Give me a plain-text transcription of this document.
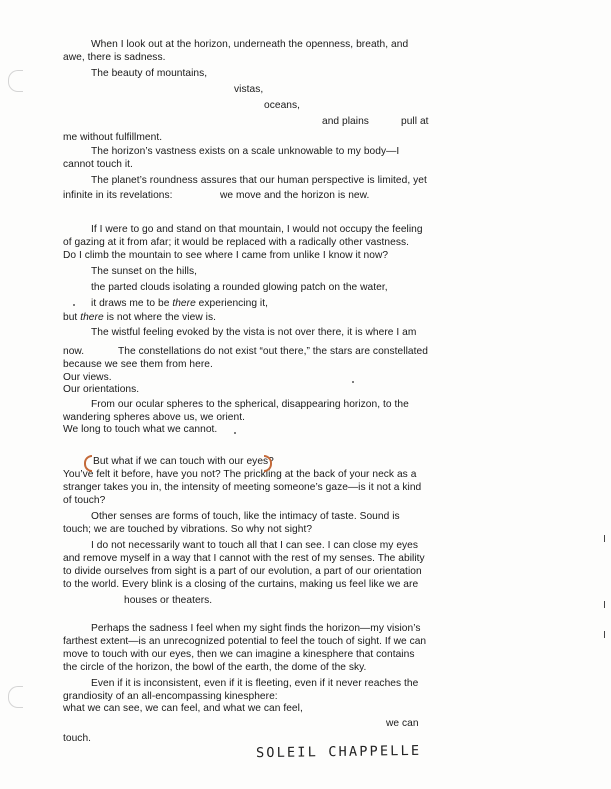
When I look out at the horizon, underneath the openness, breath, and
awe, there is sadness.
The beauty of mountains,
vistas,
oceans,
and plains	pull at
me without fulfillment.
The horizon’s vastness exists on a scale unknowable to my body—I
cannot touch it.
The planet’s roundness assures that our human perspective is limited, yet
infinite in its revelations:	we move and the horizon is new.
If I were to go and stand on that mountain, I would not occupy the feeling
of gazing at it from afar; it would be replaced with a radically other vastness.
Do I climb the mountain to see where I came from unlike I know it now?
The sunset on the hills,
the parted clouds isolating a rounded glowing patch on the water,
it draws me to be there experiencing it,
but there is not where the view is.
The wistful feeling evoked by the vista is not over there, it is where I am
now.	The constellations do not exist “out there,” the stars are constellated
because we see them from here.
Our views.
Our orientations.
From our ocular spheres to the spherical, disappearing horizon, to the
wandering spheres above us, we orient.
We long to touch what we cannot.
But what if we can touch with our eyes?
You’ve felt it before, have you not? The prickling at the back of your neck as a
stranger takes you in, the intensity of meeting someone’s gaze—is it not a kind
of touch?
Other senses are forms of touch, like the intimacy of taste. Sound is
touch; we are touched by vibrations. So why not sight?
I do not necessarily want to touch all that I can see. I can close my eyes
and remove myself in a way that I cannot with the rest of my senses. The ability
to divide ourselves from sight is a part of our evolution, a part of our orientation
to the world. Every blink is a closing of the curtains, making us feel like we are
houses or theaters.
Perhaps the sadness I feel when my sight finds the horizon—my vision’s
farthest extent—is an unrecognized potential to feel the touch of sight. If we can
move to touch with our eyes, then we can imagine a kinesphere that contains
the circle of the horizon, the bowl of the earth, the dome of the sky.
Even if it is inconsistent, even if it is fleeting, even if it never reaches the
grandiosity of an all-encompassing kinesphere:
what we can see, we can feel, and what we can feel,
we can
touch.
SOLEIL CHAPPELLE
